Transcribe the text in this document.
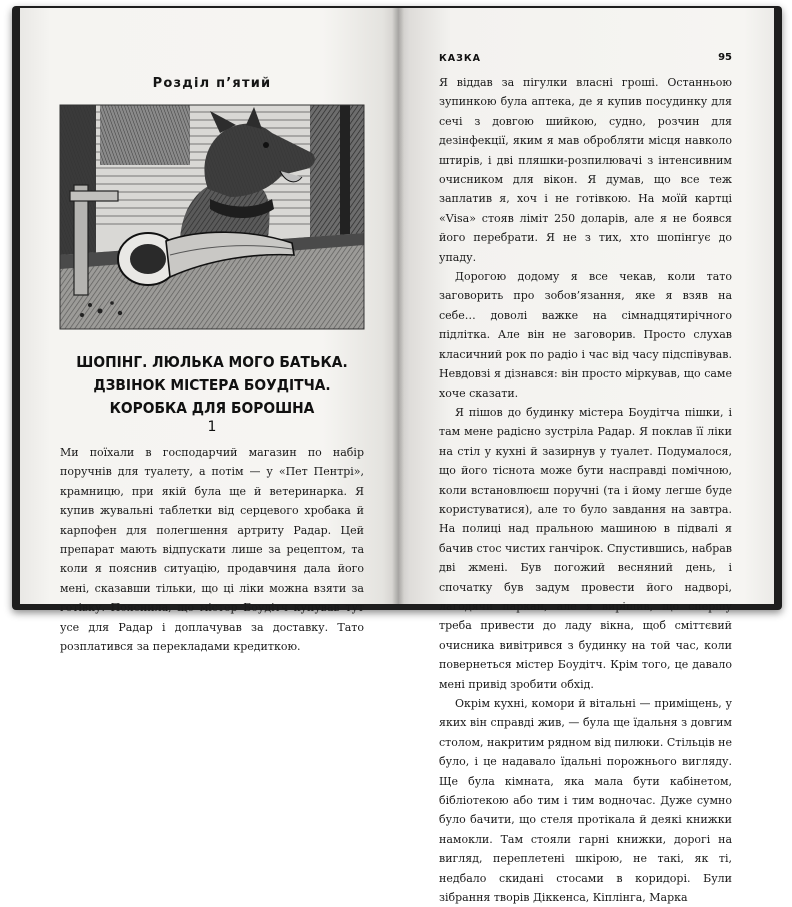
Розділ п’ятий
ШОПІНГ. ЛЮЛЬКА МОГО БАТЬКА. ДЗВІНОК МІСТЕРА БОУДІТЧА. КОРОБКА ДЛЯ БОРОШНА
1

Ми поїхали в господарчий магазин по набір поручнів для туалету, а потім — у «Пет Пентрі», крамницю, при якій була ще й ветеринарка. Я купив жувальні таблетки від серцевого хробака й карпофен для полегшення артриту Радар. Цей препарат мають відпускати лише за рецептом, та коли я пояснив ситуацію, продавчиня дала його мені, сказавши тільки, що ці ліки можна взяти за готівку. Пояснила, що містер Боудітч купував тут усе для Радар і доплачував за доставку. Тато розплатився за перекладами кредиткою.

КАЗКА	95

Я віддав за пігулки власні гроші. Останньою зупинкою була аптека, де я купив посудинку для сечі з довгою шийкою, судно, розчин для дезінфекції, яким я мав обробляти місця навколо штирів, і дві пляшки-розпилювачі з інтенсивним очисником для вікон. Я думав, що все теж заплатив я, хоч і не готівкою. На моїй картці «Visa» стояв ліміт 250 доларів, але я не боявся його перебрати. Я не з тих, хто шопінгує до упаду.

Дорогою додому я все чекав, коли тато заговорить про зобов’язання, яке я взяв на себе… доволі важке на сімнадцятирічного підлітка. Але він не заговорив. Просто слухав класичний рок по радіо і час від часу підспівував. Невдовзі я дізнався: він просто міркував, що саме хоче сказати.

Я пішов до будинку містера Боудітча пішки, і там мене радісно зустріла Радар. Я поклав її ліки на стіл у кухні й зазирнув у туалет. Подумалося, що його тіснота може бути насправді помічною, коли встановлюєш поручні (та і йому легше буде користуватися), але то було завдання на завтра. На полиці над пральною машиною в підвалі я бачив стос чистих ганчірок. Спустившись, набрав дві жмені. Був погожий весняний день, і спочатку був задум провести його надворі, лагодячи паркан, але я вирішив, що спершу треба привести до ладу вікна, щоб сміттєвий очисника вивітрився з будинку на той час, коли повернеться містер Боудітч. Крім того, це давало мені привід зробити обхід.

Окрім кухні, комори й вітальні — приміщень, у яких він справді жив, — була ще їдальня з довгим столом, накритим рядном від пилюки. Стільців не було, і це надавало їдальні порожнього вигляду. Ще була кімната, яка мала бути кабінетом, бібліотекою або тим і тим водночас. Дуже сумно було бачити, що стеля протікала й деякі книжки намокли. Там стояли гарні книжки, дорогі на вигляд, переплетені шкірою, не такі, як ті, недбало скидані стосами в коридорі. Були зібрання творів Діккенса, Кіплінга, Марка
